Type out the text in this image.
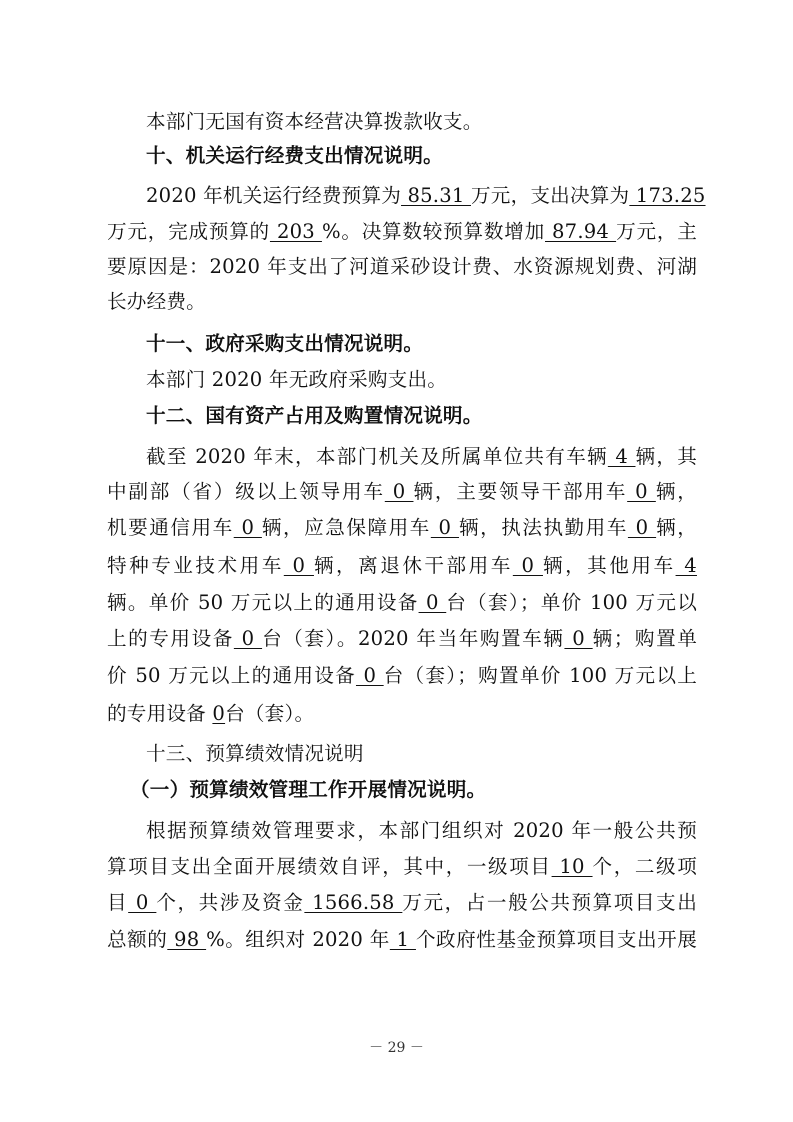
本部门无国有资本经营决算拨款收支。
十、机关运行经费支出情况说明。
2020 年机关运行经费预算为 85.31 万元，支出决算为 173.25
万元，完成预算的 203 %。决算数较预算数增加 87.94 万元，主
要原因是：2020 年支出了河道采砂设计费、水资源规划费、河湖
长办经费。
十一、政府采购支出情况说明。
本部门 2020 年无政府采购支出。
十二、国有资产占用及购置情况说明。
截至 2020 年末，本部门机关及所属单位共有车辆 4 辆，其
中副部（省）级以上领导用车 0 辆，主要领导干部用车 0 辆，
机要通信用车 0 辆，应急保障用车 0 辆，执法执勤用车 0 辆，
特种专业技术用车 0 辆，离退休干部用车 0 辆，其他用车 4
辆。单价 50 万元以上的通用设备 0 台（套）；单价 100 万元以
上的专用设备 0 台（套）。2020 年当年购置车辆 0 辆；购置单
价 50 万元以上的通用设备 0 台（套）；购置单价 100 万元以上
的专用设备 0台（套）。
十三、预算绩效情况说明
（一）预算绩效管理工作开展情况说明。
根据预算绩效管理要求，本部门组织对 2020 年一般公共预
算项目支出全面开展绩效自评，其中，一级项目 10 个，二级项
目 0 个，共涉及资金 1566.58 万元，占一般公共预算项目支出
总额的 98 %。组织对 2020 年 1 个政府性基金预算项目支出开展
－ 29 －
